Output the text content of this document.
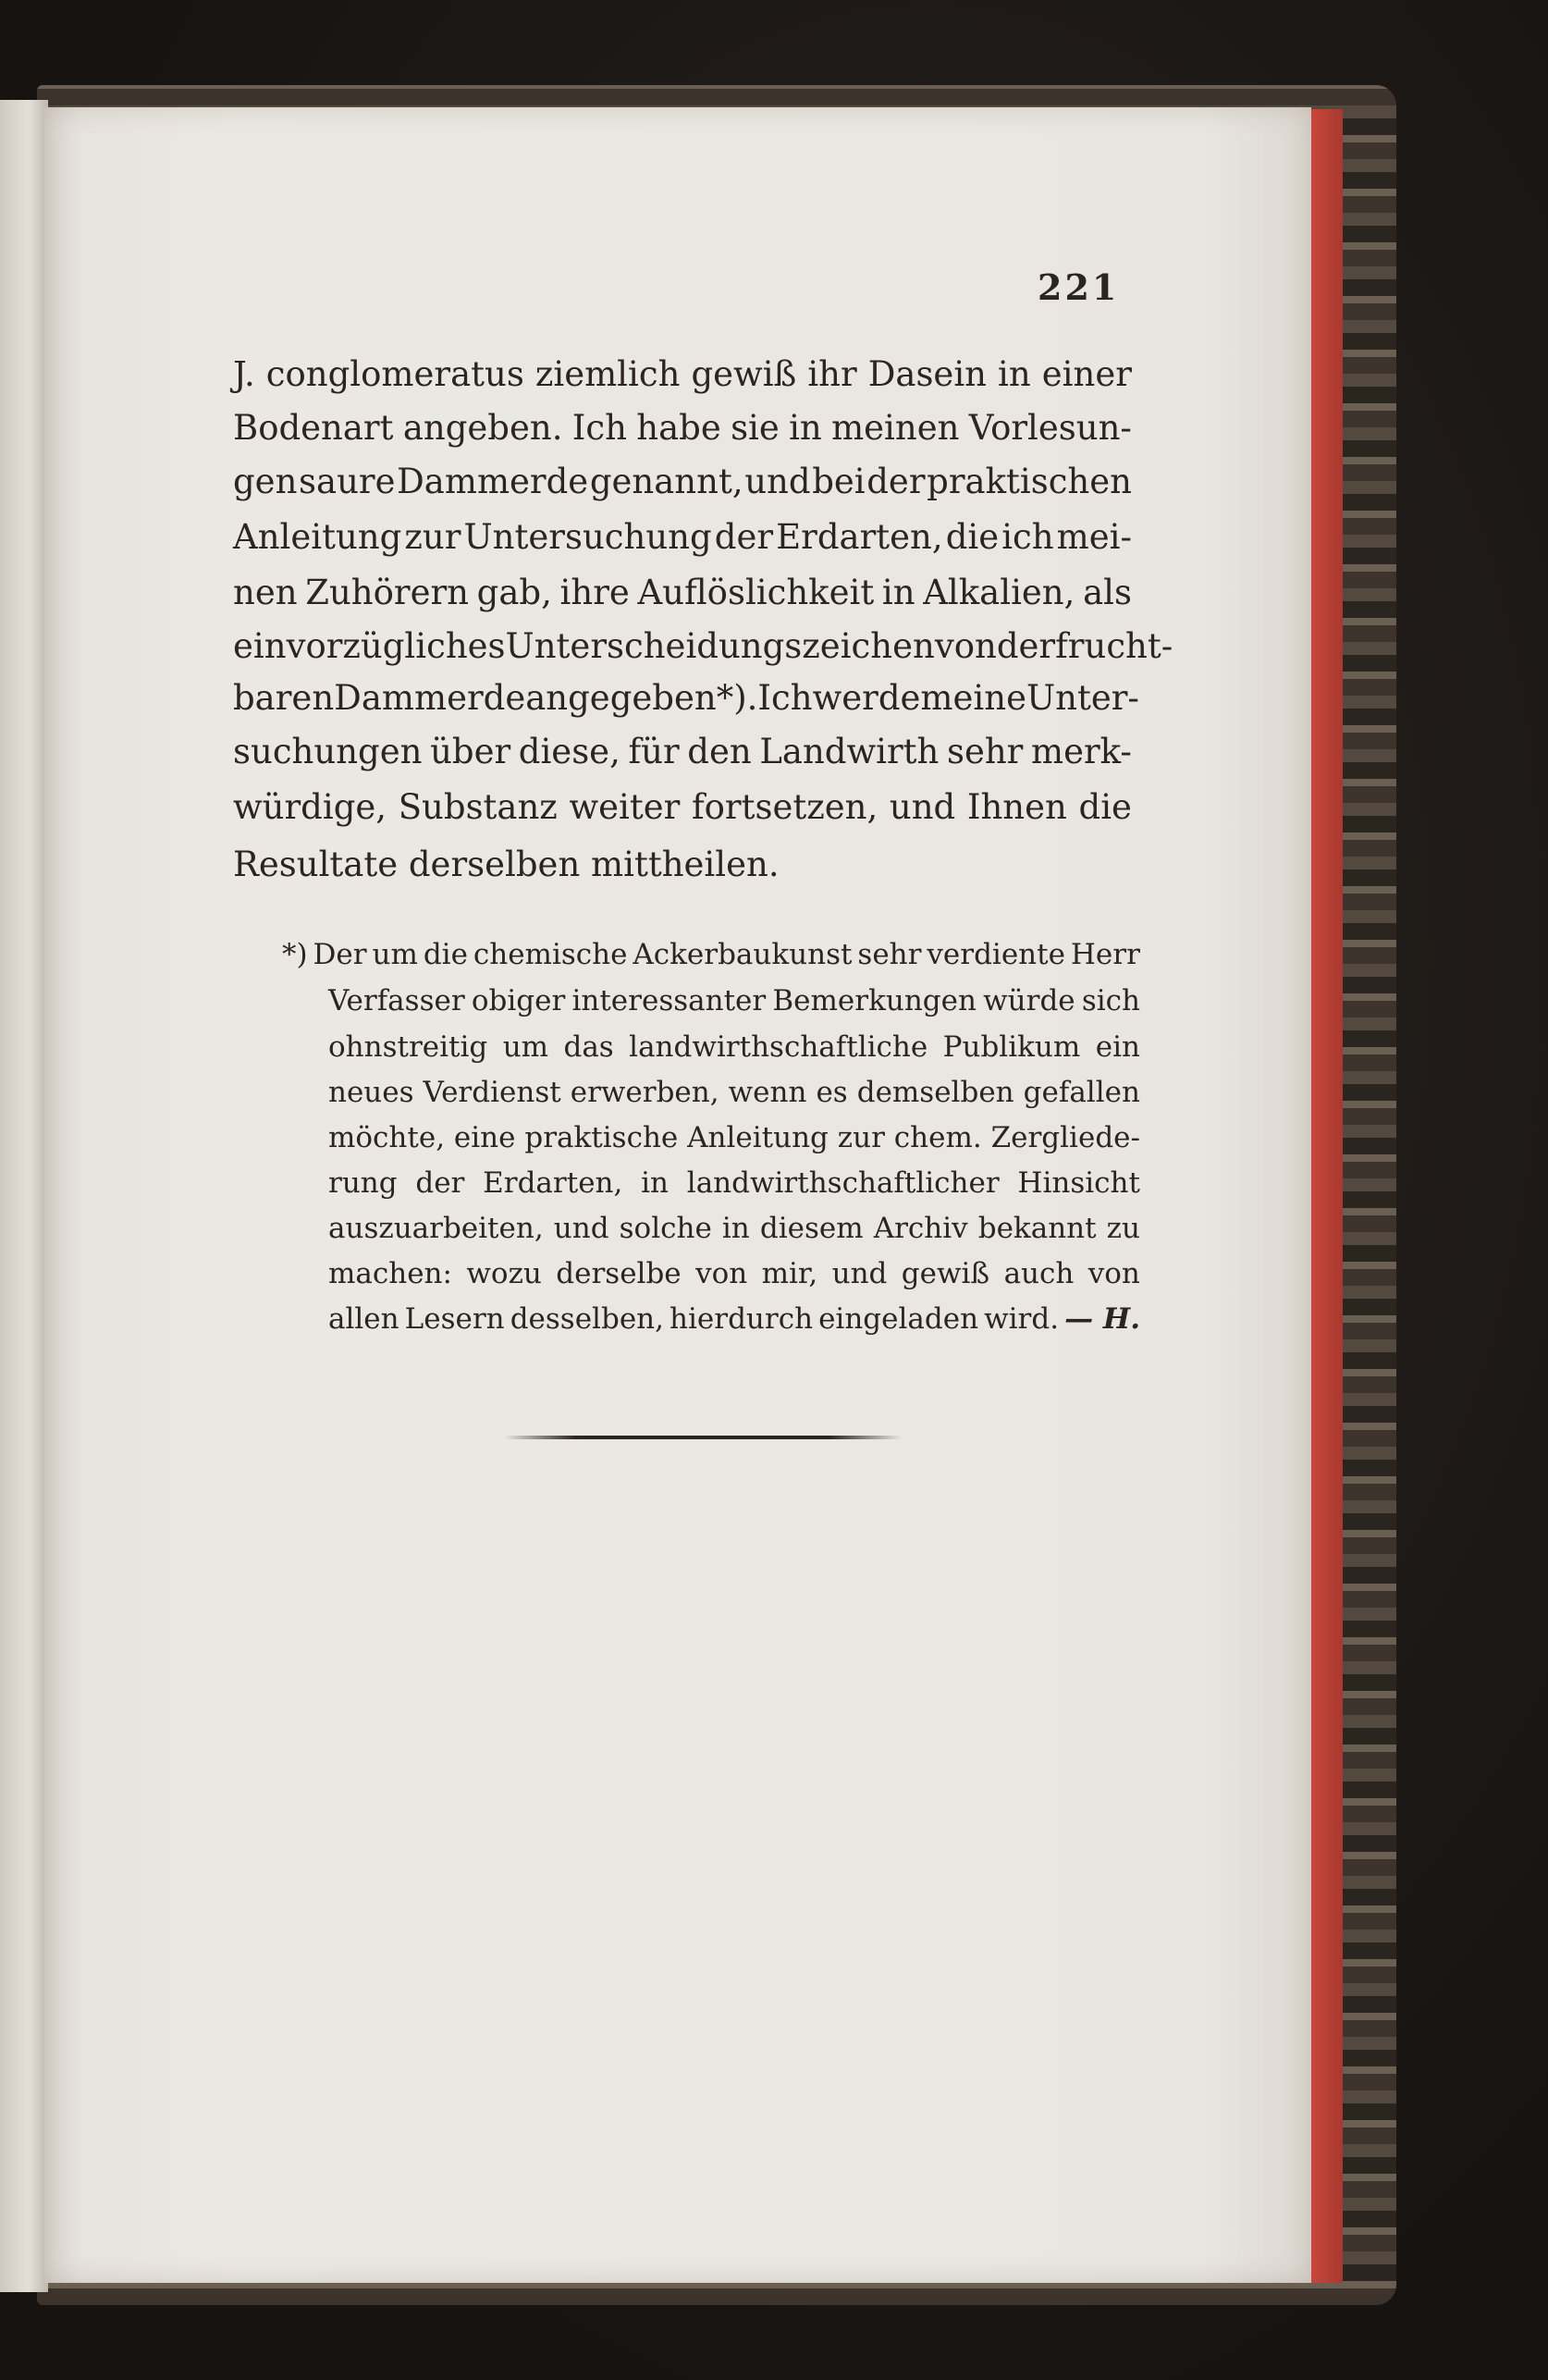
221
J. conglomeratus ziemlich gewiß ihr Dasein in einer
Bodenart angeben. Ich habe sie in meinen Vorlesun-
gen saure Dammerde genannt, und bei der praktischen
Anleitung zur Untersuchung der Erdarten, die ich mei-
nen Zuhörern gab, ihre Auflöslichkeit in Alkalien, als
ein vorzügliches Unterscheidungszeichen von der frucht-
baren Dammerde angegeben *). Ich werde meine Unter-
suchungen über diese, für den Landwirth sehr merk-
würdige, Substanz weiter fortsetzen, und Ihnen die
Resultate derselben mittheilen.
*) Der um die chemische Ackerbaukunst sehr verdiente Herr
Verfasser obiger interessanter Bemerkungen würde sich
ohnstreitig um das landwirthschaftliche Publikum ein
neues Verdienst erwerben, wenn es demselben gefallen
möchte, eine praktische Anleitung zur chem. Zergliede-
rung der Erdarten, in landwirthschaftlicher Hinsicht
auszuarbeiten, und solche in diesem Archiv bekannt zu
machen: wozu derselbe von mir, und gewiß auch von
allen Lesern desselben, hierdurch eingeladen wird. — H.
